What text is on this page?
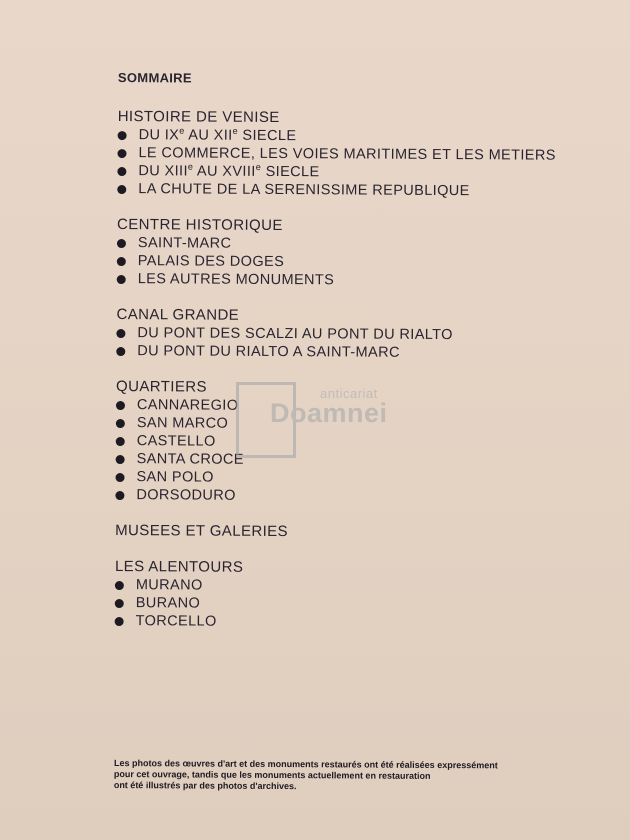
SOMMAIRE
HISTOIRE DE VENISE
DU IXe AU XIIe SIECLE
LE COMMERCE, LES VOIES MARITIMES ET LES METIERS
DU XIIIe AU XVIIIe SIECLE
LA CHUTE DE LA SERENISSIME REPUBLIQUE
CENTRE HISTORIQUE
SAINT-MARC
PALAIS DES DOGES
LES AUTRES MONUMENTS
CANAL GRANDE
DU PONT DES SCALZI AU PONT DU RIALTO
DU PONT DU RIALTO A SAINT-MARC
QUARTIERS
CANNAREGIO
SAN MARCO
CASTELLO
SANTA CROCE
SAN POLO
DORSODURO
MUSEES ET GALERIES
LES ALENTOURS
MURANO
BURANO
TORCELLO
anticariat
Doamnei
Les photos des œuvres d'art et des monuments restaurés ont été réalisées expressément
pour cet ouvrage, tandis que les monuments actuellement en restauration
ont été illustrés par des photos d'archives.
